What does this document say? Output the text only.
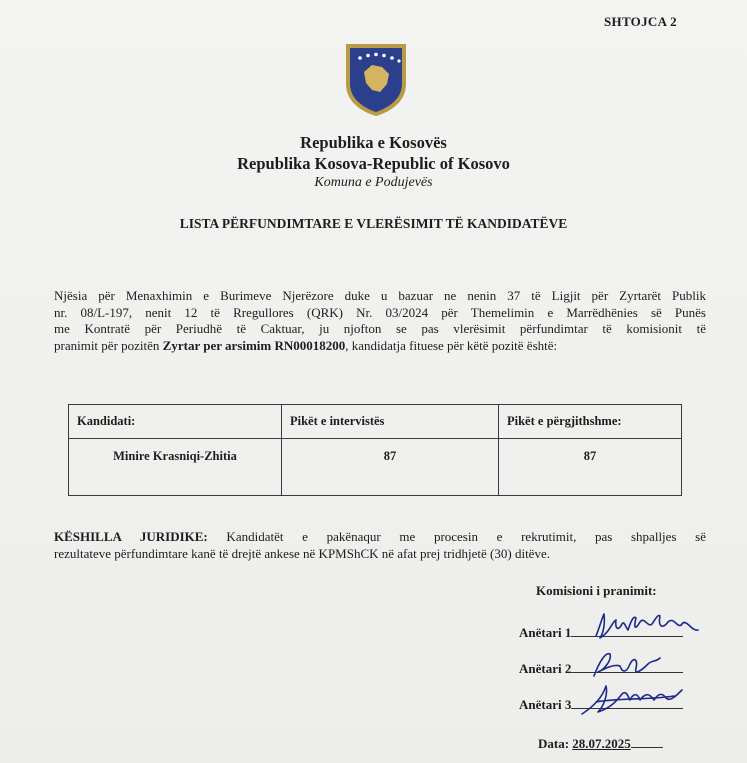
SHTOJCA 2
Republika e Kosovës
Republika Kosova-Republic of Kosovo
Komuna e Podujevës
LISTA PËRFUNDIMTARE E VLERËSIMIT TË KANDIDATËVE
Njësia për Menaxhimin e Burimeve Njerëzore duke u bazuar ne nenin 37 të Ligjit për Zyrtarët Publik
nr. 08/L-197, nenit 12 të Rregullores (QRK) Nr. 03/2024 për Themelimin e Marrëdhënies së Punës
me Kontratë për Periudhë të Caktuar, ju njofton se pas vlerësimit përfundimtar të komisionit të
pranimit për pozitën Zyrtar per arsimim RN00018200, kandidatja fituese për këtë pozitë është:
Kandidati:	Pikët e intervistës	Pikët e përgjithshme:
Minire Krasniqi-Zhitia	87	87
KËSHILLA JURIDIKE: Kandidatët e pakënaqur me procesin e rekrutimit, pas shpalljes së
rezultateve përfundimtare kanë të drejtë ankese në KPMShCK në afat prej tridhjetë (30) ditëve.
Komisioni i pranimit:
Anëtari 1
Anëtari 2
Anëtari 3
Data: 28.07.2025
